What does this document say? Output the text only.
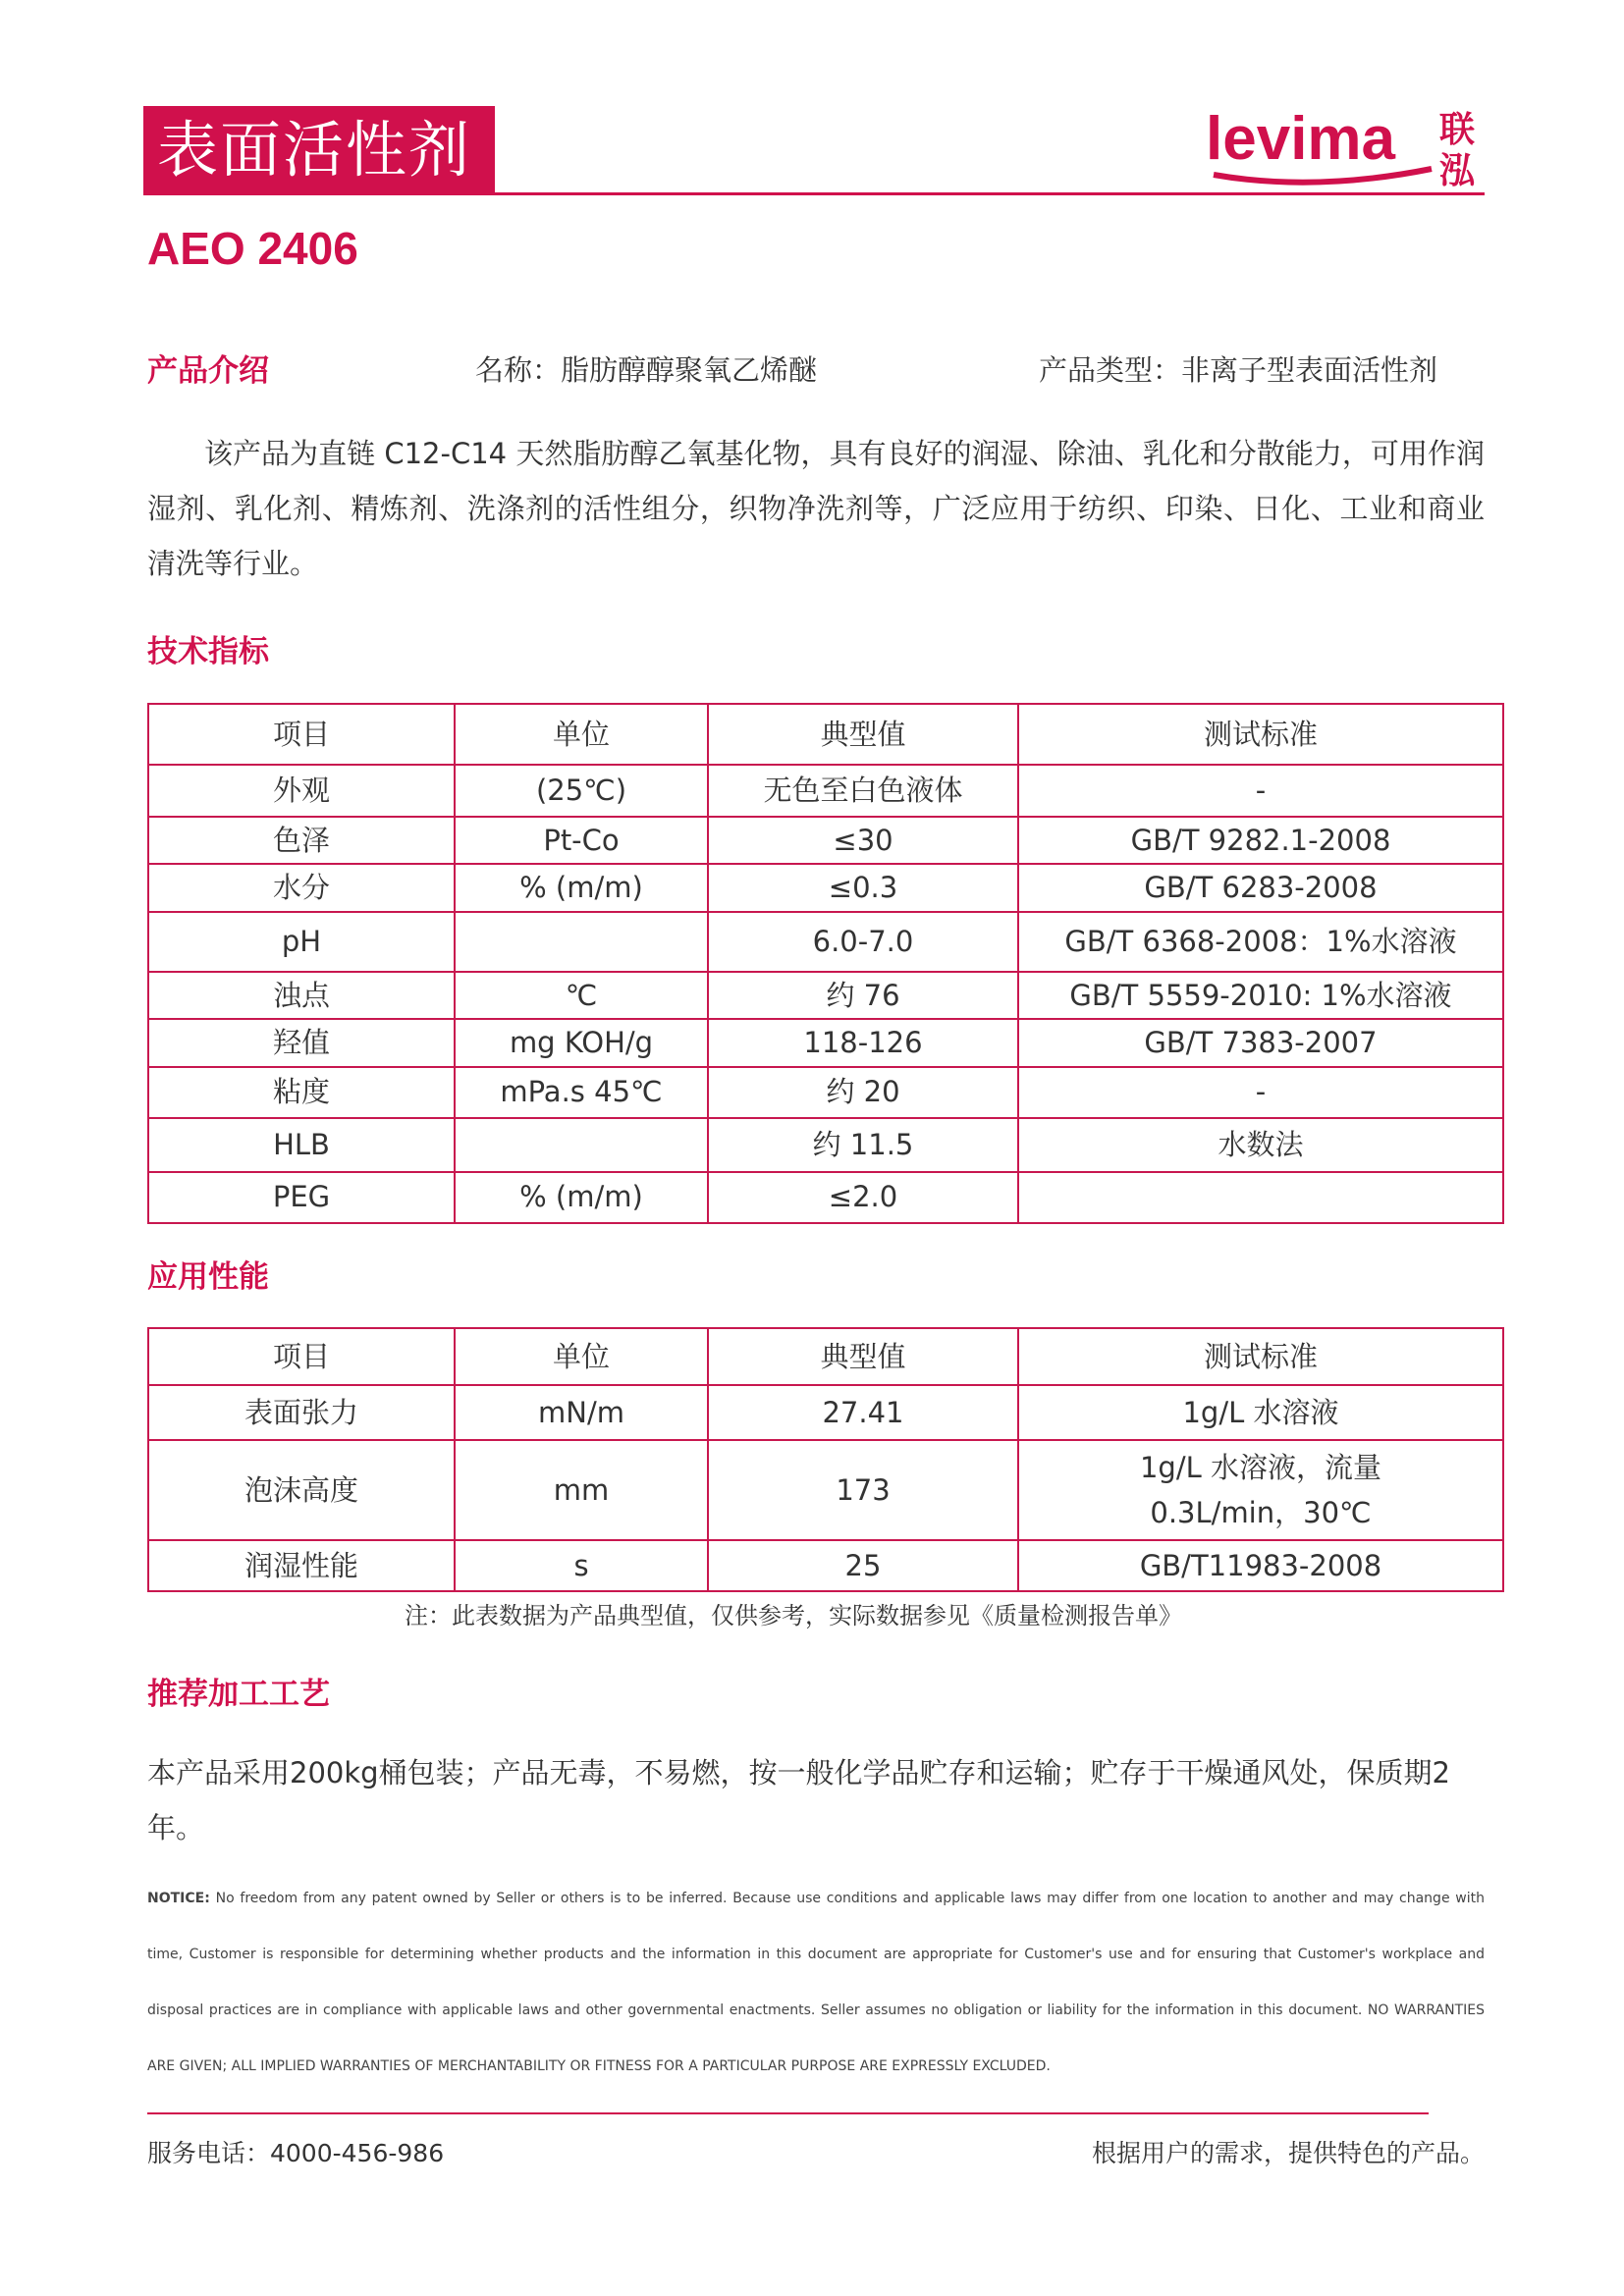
表面活性剂	levima 联
泓
AEO 2406
产品介绍	名称：脂肪醇醇聚氧乙烯醚	产品类型：非离子型表面活性剂

该产品为直链 C12-C14 天然脂肪醇乙氧基化物，具有良好的润湿、除油、乳化和分散能力，可用作润湿剂、乳化剂、精炼剂、洗涤剂的活性组分，织物净洗剂等，广泛应用于纺织、印染、日化、工业和商业清洗等行业。

技术指标
项目	单位	典型值	测试标准
外观	(25℃)	无色至白色液体	-
色泽	Pt-Co	≤30	GB/T 9282.1-2008
水分	% (m/m)	≤0.3	GB/T 6283-2008
pH		6.0-7.0	GB/T 6368-2008：1%水溶液
浊点	℃	约 76	GB/T 5559-2010: 1%水溶液
羟值	mg KOH/g	118-126	GB/T 7383-2007
粘度	mPa.s 45℃	约 20	-
HLB		约 11.5	水数法
PEG	% (m/m)	≤2.0	
应用性能
项目	单位	典型值	测试标准
表面张力	mN/m	27.41	1g/L 水溶液
泡沫高度	mm	173	1g/L 水溶液，流量 0.3L/min，30℃
润湿性能	s	25	GB/T11983-2008
注：此表数据为产品典型值，仅供参考，实际数据参见《质量检测报告单》
推荐加工工艺

本产品采用200kg桶包装；产品无毒，不易燃，按一般化学品贮存和运输；贮存于干燥通风处，保质期2年。

NOTICE: No freedom from any patent owned by Seller or others is to be inferred. Because use conditions and applicable laws may differ from one location to another and may change with time, Customer is responsible for determining whether products and the information in this document are appropriate for Customer's use and for ensuring that Customer's workplace and disposal practices are in compliance with applicable laws and other governmental enactments. Seller assumes no obligation or liability for the information in this document. NO WARRANTIES ARE GIVEN; ALL IMPLIED WARRANTIES OF MERCHANTABILITY OR FITNESS FOR A PARTICULAR PURPOSE ARE EXPRESSLY EXCLUDED.

服务电话：4000-456-986	根据用户的需求，提供特色的产品。
